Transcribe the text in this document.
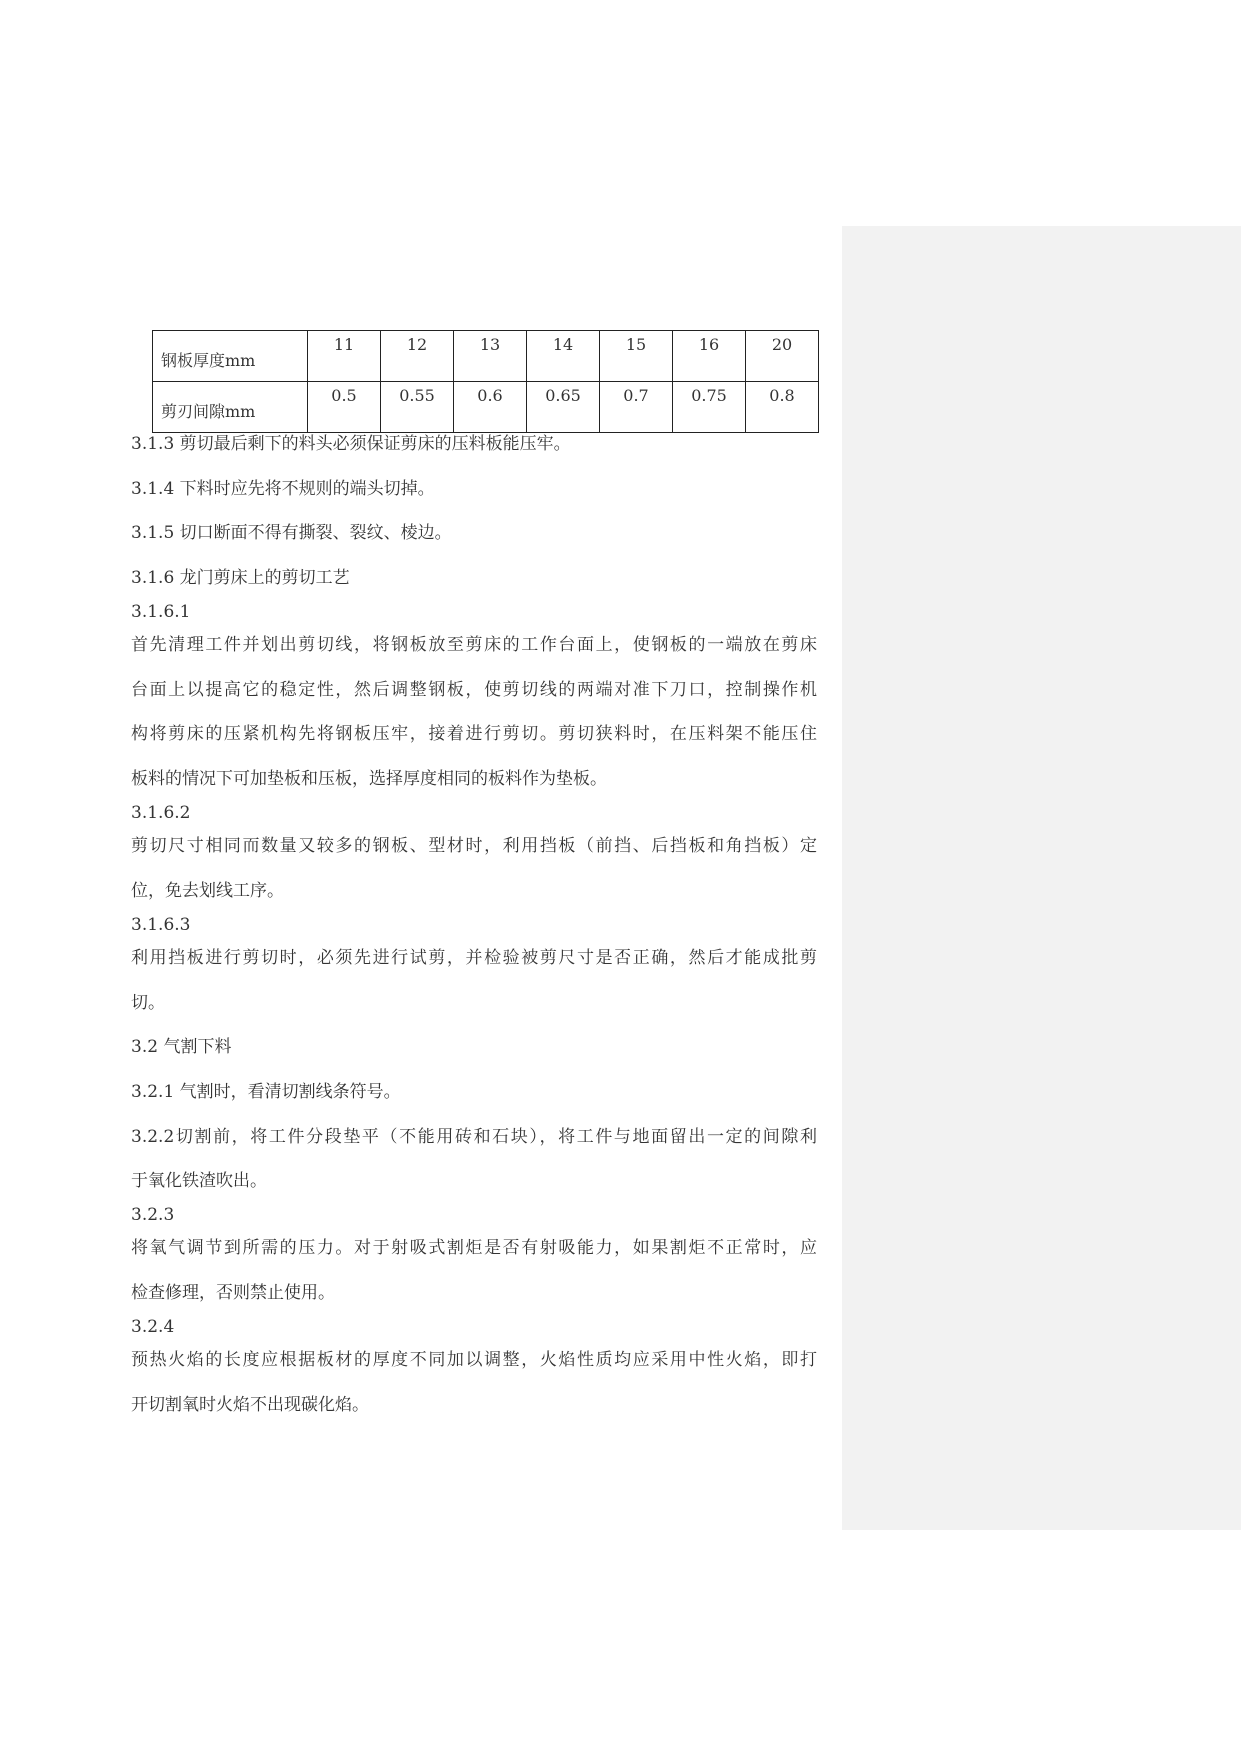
钢板厚度mm	11	12	13	14	15	16	20
剪刃间隙mm	0.5	0.55	0.6	0.65	0.7	0.75	0.8

3.1.3 剪切最后剩下的料头必须保证剪床的压料板能压牢。

3.1.4 下料时应先将不规则的端头切掉。

3.1.5 切口断面不得有撕裂、裂纹、棱边。

3.1.6 龙门剪床上的剪切工艺

3.1.6.1

首先清理工件并划出剪切线，将钢板放至剪床的工作台面上，使钢板的一端放在剪床

台面上以提高它的稳定性，然后调整钢板，使剪切线的两端对准下刀口，控制操作机

构将剪床的压紧机构先将钢板压牢，接着进行剪切。剪切狭料时，在压料架不能压住

板料的情况下可加垫板和压板，选择厚度相同的板料作为垫板。

3.1.6.2

剪切尺寸相同而数量又较多的钢板、型材时，利用挡板（前挡、后挡板和角挡板）定

位，免去划线工序。

3.1.6.3

利用挡板进行剪切时，必须先进行试剪，并检验被剪尺寸是否正确，然后才能成批剪

切。

3.2 气割下料

3.2.1 气割时，看清切割线条符号。

3.2.2切割前，将工件分段垫平（不能用砖和石块），将工件与地面留出一定的间隙利

于氧化铁渣吹出。

3.2.3

将氧气调节到所需的压力。对于射吸式割炬是否有射吸能力，如果割炬不正常时，应

检查修理，否则禁止使用。

3.2.4

预热火焰的长度应根据板材的厚度不同加以调整，火焰性质均应采用中性火焰，即打

开切割氧时火焰不出现碳化焰。
